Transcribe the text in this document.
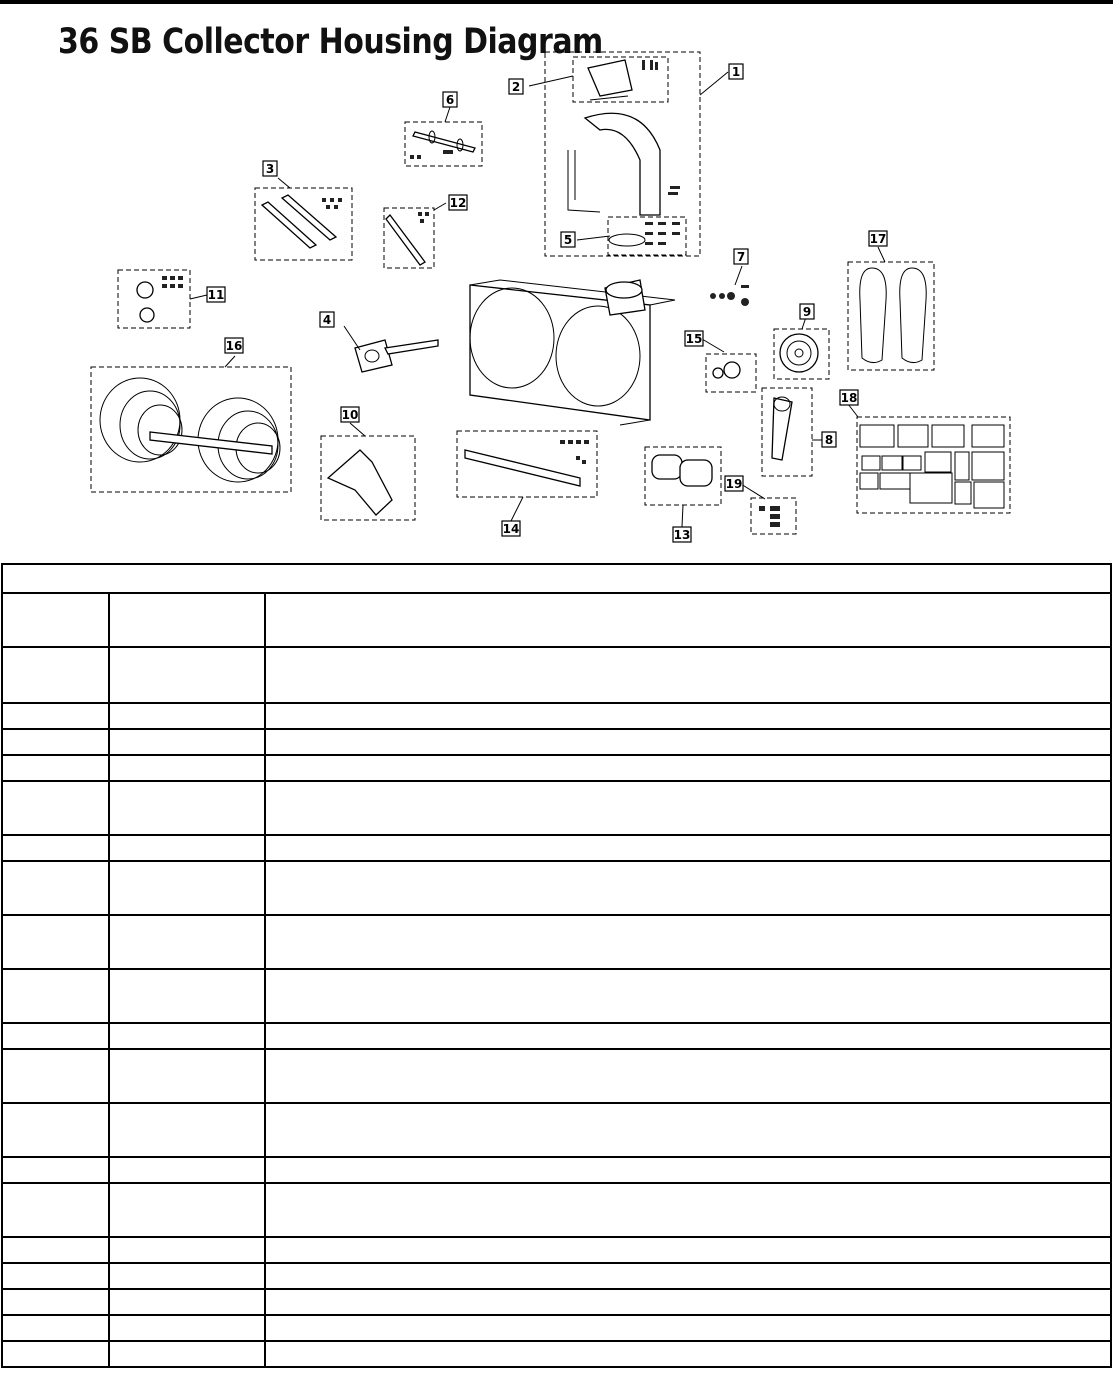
36 SB Collector Housing Diagram
1
2
3
4
5
6
7
8
9
10
11
12
13
14
15
16
17
18
19
